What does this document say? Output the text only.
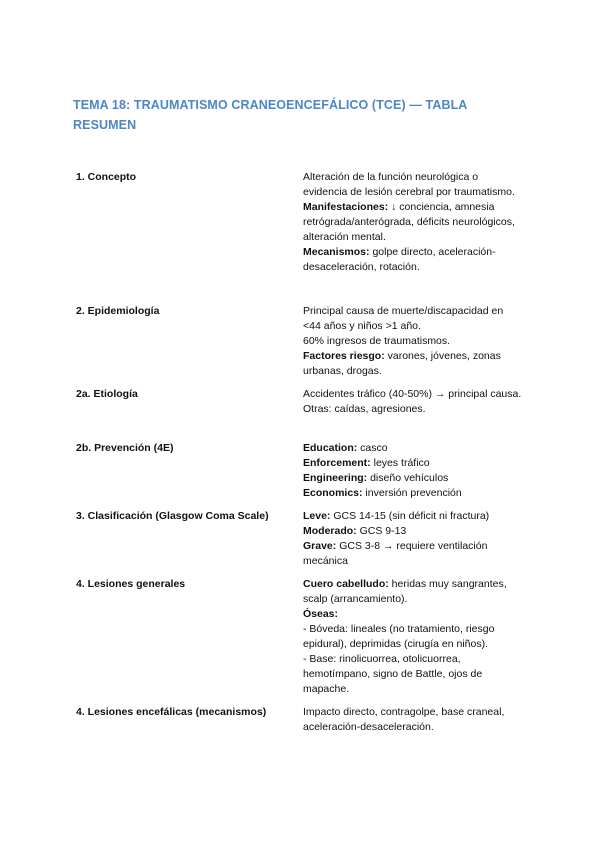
TEMA 18: TRAUMATISMO CRANEOENCEFÁLICO (TCE) — TABLA RESUMEN
1. Concepto	Alteración de la función neurológica o evidencia de lesión cerebral por traumatismo.
Manifestaciones: ↓ conciencia, amnesia retrógrada/anterógrada, déficits neurológicos, alteración mental.
Mecanismos: golpe directo, aceleración-desaceleración, rotación.
2. Epidemiología	Principal causa de muerte/discapacidad en <44 años y niños >1 año.
60% ingresos de traumatismos.
Factores riesgo: varones, jóvenes, zonas urbanas, drogas.
2a. Etiología	Accidentes tráfico (40-50%) → principal causa.
Otras: caídas, agresiones.
2b. Prevención (4E)	Education: casco
Enforcement: leyes tráfico
Engineering: diseño vehículos
Economics: inversión prevención
3. Clasificación (Glasgow Coma Scale)	Leve: GCS 14-15 (sin déficit ni fractura)
Moderado: GCS 9-13
Grave: GCS 3-8 → requiere ventilación mecánica
4. Lesiones generales	Cuero cabelludo: heridas muy sangrantes, scalp (arrancamiento).
Óseas:
- Bóveda: lineales (no tratamiento, riesgo epidural), deprimidas (cirugía en niños).
- Base: rinolicuorrea, otolicuorrea, hemotímpano, signo de Battle, ojos de mapache.
4. Lesiones encefálicas (mecanismos)	Impacto directo, contragolpe, base craneal, aceleración-desaceleración.
